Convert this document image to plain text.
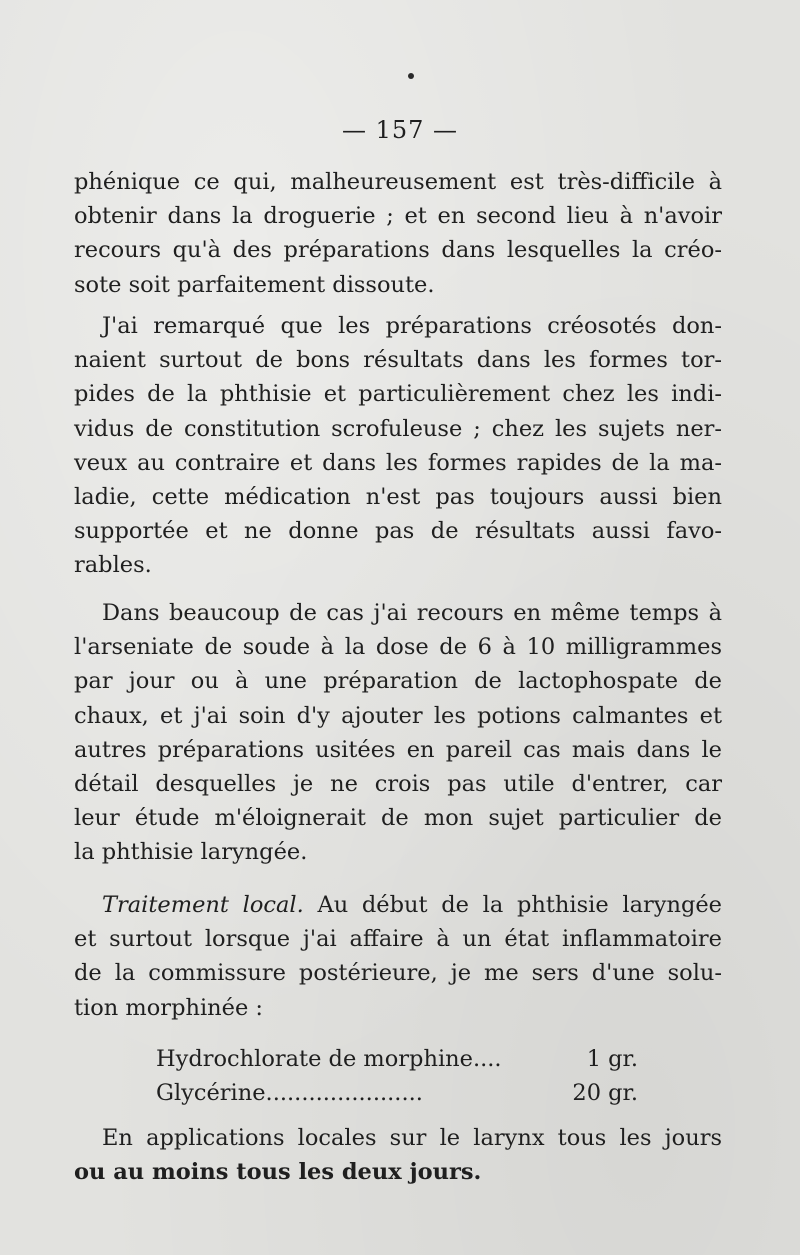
— 157 —
phénique ce qui, malheureusement est très-difficile à
obtenir dans la droguerie ; et en second lieu à n'avoir
recours qu'à des préparations dans lesquelles la créo-
sote soit parfaitement dissoute.
J'ai remarqué que les préparations créosotés don-
naient surtout de bons résultats dans les formes tor-
pides de la phthisie et particulièrement chez les indi-
vidus de constitution scrofuleuse ; chez les sujets ner-
veux au contraire et dans les formes rapides de la ma-
ladie, cette médication n'est pas toujours aussi bien
supportée et ne donne pas de résultats aussi favo-
rables.
Dans beaucoup de cas j'ai recours en même temps à
l'arseniate de soude à la dose de 6 à 10 milligrammes
par jour ou à une préparation de lactophospate de
chaux, et j'ai soin d'y ajouter les potions calmantes et
autres préparations usitées en pareil cas mais dans le
détail desquelles je ne crois pas utile d'entrer, car
leur étude m'éloignerait de mon sujet particulier de
la phthisie laryngée.
Traitement local. Au début de la phthisie laryngée
et surtout lorsque j'ai affaire à un état inflammatoire
de la commissure postérieure, je me sers d'une solu-
tion morphinée :
Hydrochlorate de morphine....	1 gr.
Glycérine......................	20 gr.
En applications locales sur le larynx tous les jours
ou au moins tous les deux jours.
